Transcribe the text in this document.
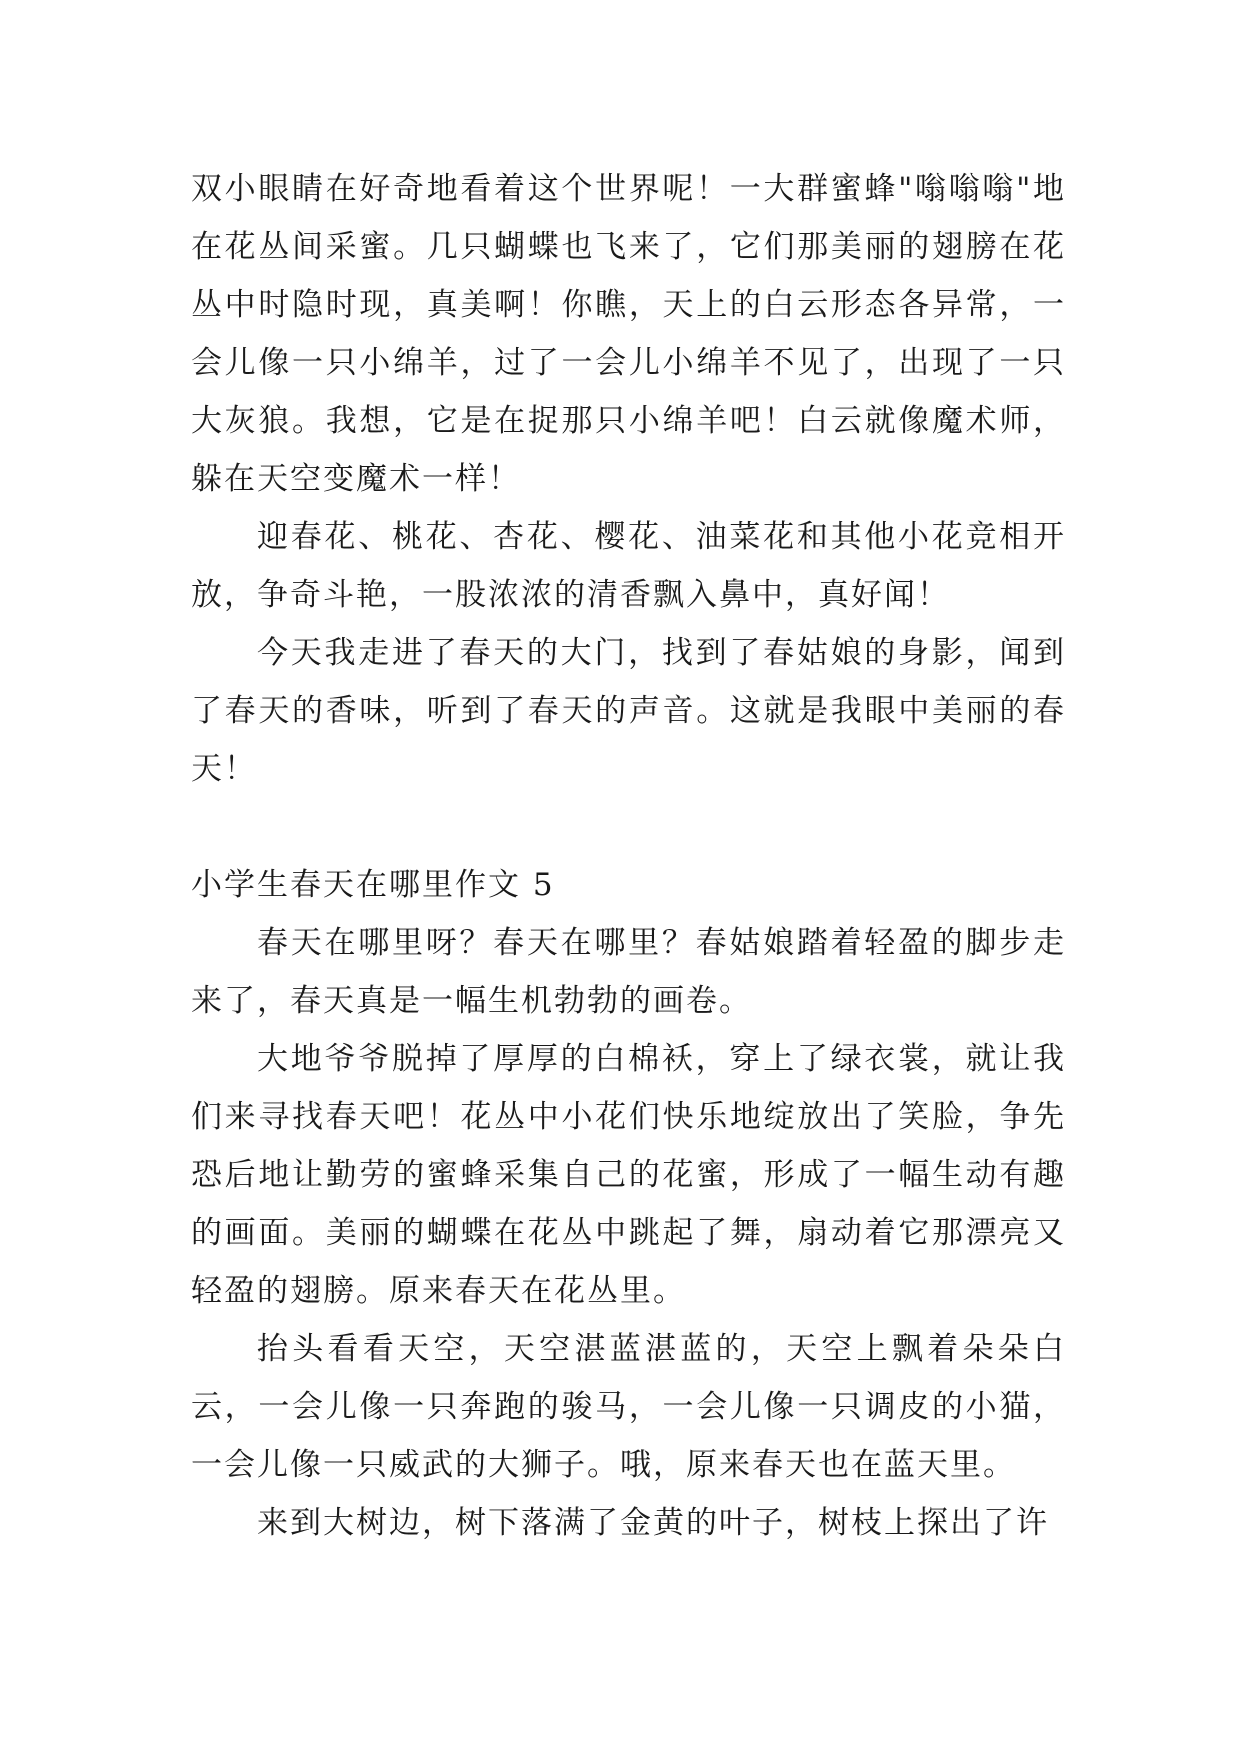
双小眼睛在好奇地看着这个世界呢！一大群蜜蜂"嗡嗡嗡"地在花丛间采蜜。几只蝴蝶也飞来了，它们那美丽的翅膀在花丛中时隐时现，真美啊！你瞧，天上的白云形态各异常，一会儿像一只小绵羊，过了一会儿小绵羊不见了，出现了一只大灰狼。我想，它是在捉那只小绵羊吧！白云就像魔术师，躲在天空变魔术一样！

迎春花、桃花、杏花、樱花、油菜花和其他小花竞相开放，争奇斗艳，一股浓浓的清香飘入鼻中，真好闻！

今天我走进了春天的大门，找到了春姑娘的身影，闻到了春天的香味，听到了春天的声音。这就是我眼中美丽的春天！

小学生春天在哪里作文 5

春天在哪里呀？春天在哪里？春姑娘踏着轻盈的脚步走来了，春天真是一幅生机勃勃的画卷。

大地爷爷脱掉了厚厚的白棉袄，穿上了绿衣裳，就让我们来寻找春天吧！花丛中小花们快乐地绽放出了笑脸，争先恐后地让勤劳的蜜蜂采集自己的花蜜，形成了一幅生动有趣的画面。美丽的蝴蝶在花丛中跳起了舞，扇动着它那漂亮又轻盈的翅膀。原来春天在花丛里。

抬头看看天空，天空湛蓝湛蓝的，天空上飘着朵朵白云，一会儿像一只奔跑的骏马，一会儿像一只调皮的小猫，一会儿像一只威武的大狮子。哦，原来春天也在蓝天里。

来到大树边，树下落满了金黄的叶子，树枝上探出了许
